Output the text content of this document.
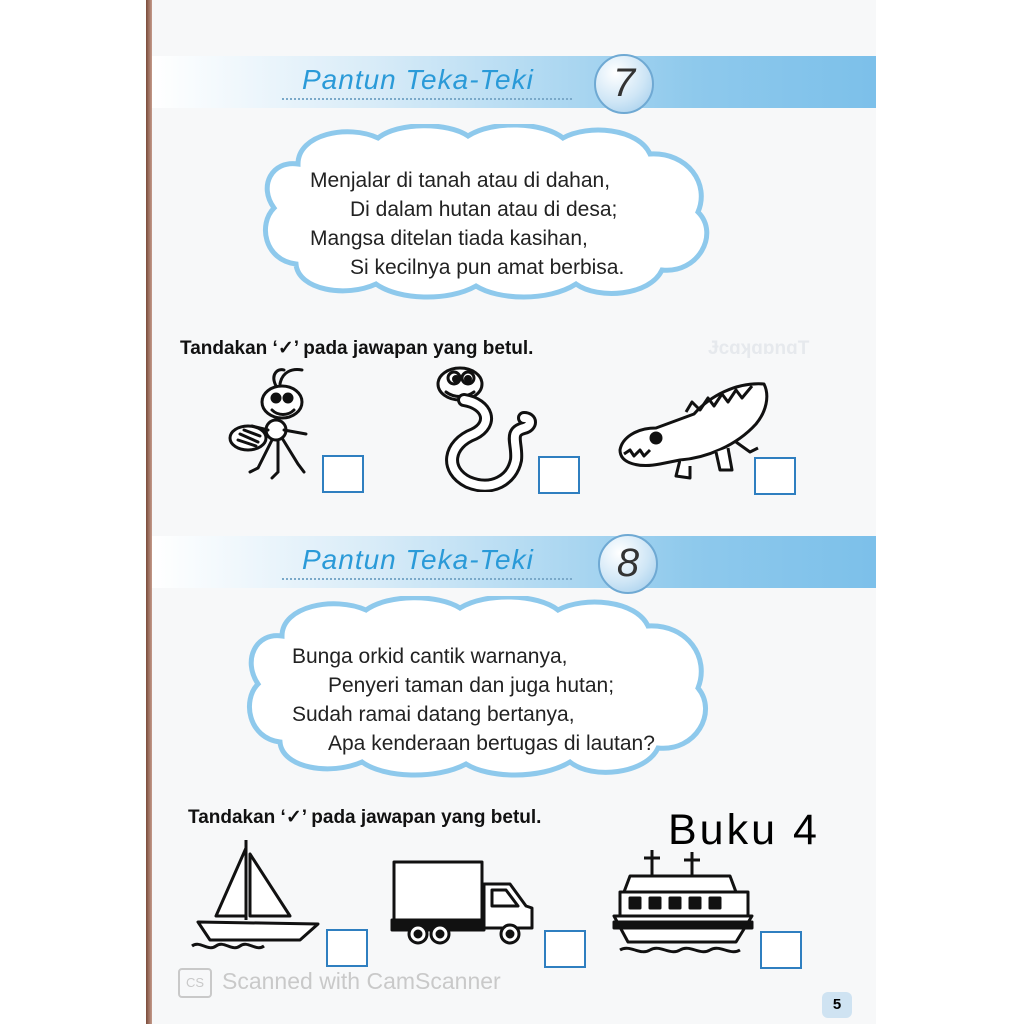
ɈϲɑʞɑɒnɑT
Pantun Teka-Teki	7
Menjalar di tanah atau di dahan,
Di dalam hutan atau di desa;
Mangsa ditelan tiada kasihan,
Si kecilnya pun amat berbisa.
Tandakan ‘✓’ pada jawapan yang betul.
Pantun Teka-Teki	8
Bunga orkid cantik warnanya,
Penyeri taman dan juga hutan;
Sudah ramai datang bertanya,
Apa kenderaan bertugas di lautan?
Tandakan ‘✓’ pada jawapan yang betul.	Buku 4
CS Scanned with CamScanner
5
